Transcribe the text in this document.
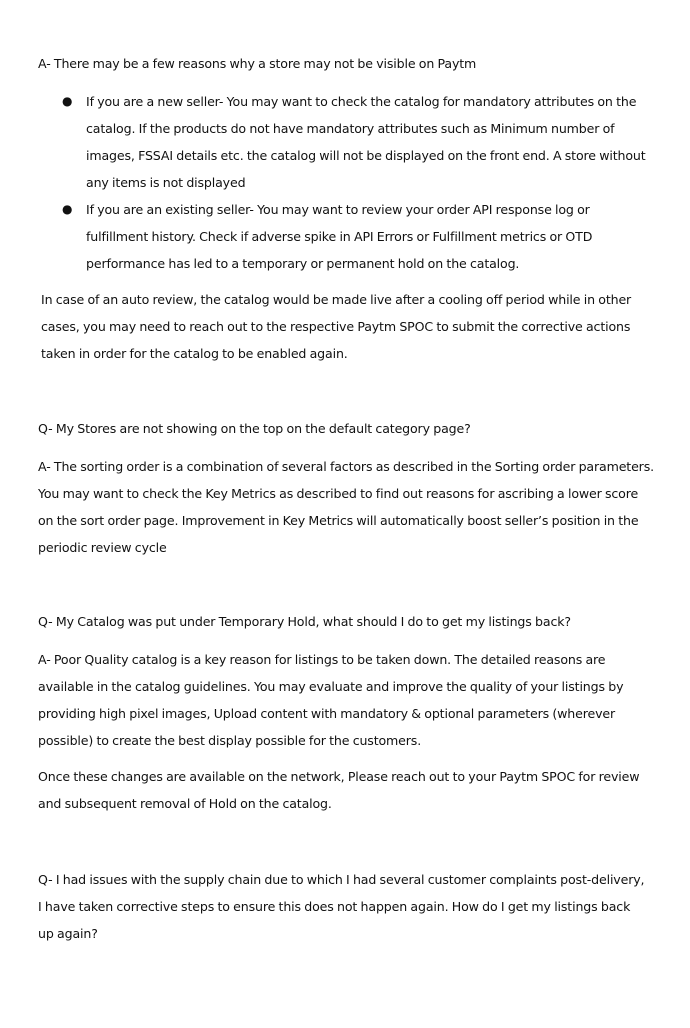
A- There may be a few reasons why a store may not be visible on Paytm

● If you are a new seller- You may want to check the catalog for mandatory attributes on the catalog. If the products do not have mandatory attributes such as Minimum number of images, FSSAI details etc. the catalog will not be displayed on the front end. A store without any items is not displayed
● If you are an existing seller- You may want to review your order API response log or fulfillment history. Check if adverse spike in API Errors or Fulfillment metrics or OTD performance has led to a temporary or permanent hold on the catalog.

In case of an auto review, the catalog would be made live after a cooling off period while in other cases, you may need to reach out to the respective Paytm SPOC to submit the corrective actions taken in order for the catalog to be enabled again.

Q- My Stores are not showing on the top on the default category page?

A- The sorting order is a combination of several factors as described in the Sorting order parameters. You may want to check the Key Metrics as described to find out reasons for ascribing a lower score on the sort order page. Improvement in Key Metrics will automatically boost seller’s position in the periodic review cycle

Q- My Catalog was put under Temporary Hold, what should I do to get my listings back?

A- Poor Quality catalog is a key reason for listings to be taken down. The detailed reasons are available in the catalog guidelines. You may evaluate and improve the quality of your listings by providing high pixel images, Upload content with mandatory & optional parameters (wherever possible) to create the best display possible for the customers.

Once these changes are available on the network, Please reach out to your Paytm SPOC for review and subsequent removal of Hold on the catalog.

Q- I had issues with the supply chain due to which I had several customer complaints post-delivery, I have taken corrective steps to ensure this does not happen again. How do I get my listings back up again?
